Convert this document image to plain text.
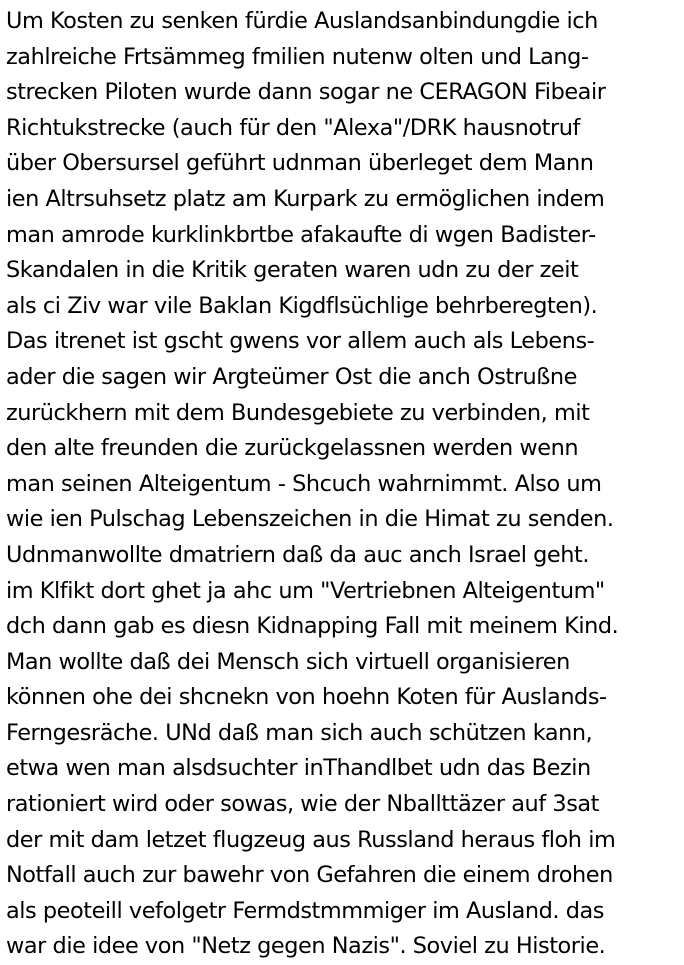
Um Kosten zu senken fürdie Auslandsanbindungdie ich
zahlreiche Frtsämmeg fmilien nutenw olten und Lang-
strecken Piloten wurde dann sogar ne CERAGON Fibeair
Richtukstrecke (auch für den "Alexa"/DRK hausnotruf
über Obersursel geführt udnman überleget dem Mann
ien Altrsuhsetz platz am Kurpark zu ermöglichen indem
man amrode kurklinkbrtbe afakaufte di wgen Badister-
Skandalen in die Kritik geraten waren udn zu der zeit
als ci Ziv war vile Baklan Kigdflsüchlige behrberegten).
Das itrenet ist gscht gwens vor allem auch als Lebens-
ader die sagen wir Argteümer Ost die anch Ostrußne
zurückhern mit dem Bundesgebiete zu verbinden, mit
den alte freunden die zurückgelassnen werden wenn
man seinen Alteigentum - Shcuch wahrnimmt. Also um
wie ien Pulschag Lebenszeichen in die Himat zu senden.
Udnmanwollte dmatriern daß da auc anch Israel geht.
im Klfikt dort ghet ja ahc um "Vertriebnen Alteigentum"
dch dann gab es diesn Kidnapping Fall mit meinem Kind.
Man wollte daß dei Mensch sich virtuell organisieren
können ohe dei shcnekn von hoehn Koten für Auslands-
Ferngesräche. UNd daß man sich auch schützen kann,
etwa wen man alsdsuchter inThandlbet udn das Bezin
rationiert wird oder sowas, wie der Nballttäzer auf 3sat
der mit dam letzet flugzeug aus Russland heraus floh im
Notfall auch zur bawehr von Gefahren die einem drohen
als peoteill vefolgetr Fermdstmmmiger im Ausland. das
war die idee von "Netz gegen Nazis". Soviel zu Historie.
